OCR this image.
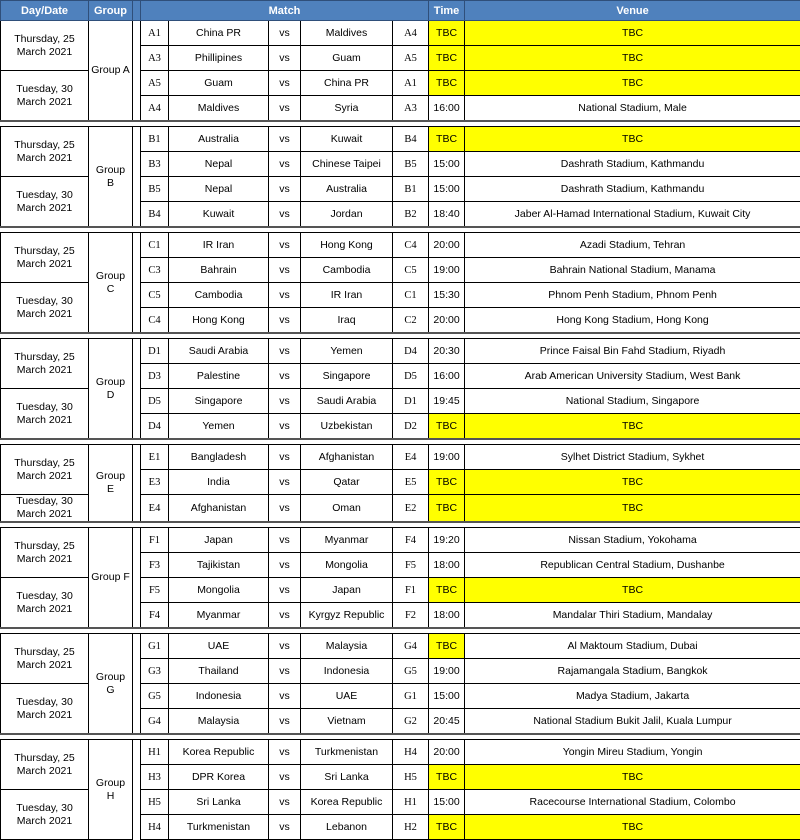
Day/Date	Group		Match					Time	Venue
Thursday, 25 March 2021	Group A		A1	China PR	vs	Maldives	A4	TBC	TBC
			A3	Phillipines	vs	Guam	A5	TBC	TBC
Tuesday, 30 March 2021			A5	Guam	vs	China PR	A1	TBC	TBC
			A4	Maldives	vs	Syria	A3	16:00	National Stadium, Male

Thursday, 25 March 2021	Group B		B1	Australia	vs	Kuwait	B4	TBC	TBC
			B3	Nepal	vs	Chinese Taipei	B5	15:00	Dashrath Stadium, Kathmandu
Tuesday, 30 March 2021			B5	Nepal	vs	Australia	B1	15:00	Dashrath Stadium, Kathmandu
			B4	Kuwait	vs	Jordan	B2	18:40	Jaber Al-Hamad International Stadium, Kuwait City

Thursday, 25 March 2021	Group C		C1	IR Iran	vs	Hong Kong	C4	20:00	Azadi Stadium, Tehran
			C3	Bahrain	vs	Cambodia	C5	19:00	Bahrain National Stadium, Manama
Tuesday, 30 March 2021			C5	Cambodia	vs	IR Iran	C1	15:30	Phnom Penh Stadium, Phnom Penh
			C4	Hong Kong	vs	Iraq	C2	20:00	Hong Kong Stadium, Hong Kong

Thursday, 25 March 2021	Group D		D1	Saudi Arabia	vs	Yemen	D4	20:30	Prince Faisal Bin Fahd Stadium, Riyadh
			D3	Palestine	vs	Singapore	D5	16:00	Arab American University Stadium, West Bank
Tuesday, 30 March 2021			D5	Singapore	vs	Saudi Arabia	D1	19:45	National Stadium, Singapore
			D4	Yemen	vs	Uzbekistan	D2	TBC	TBC

Thursday, 25 March 2021	Group E		E1	Bangladesh	vs	Afghanistan	E4	19:00	Sylhet District Stadium, Sykhet
			E3	India	vs	Qatar	E5	TBC	TBC
Tuesday, 30 March 2021			E4	Afghanistan	vs	Oman	E2	TBC	TBC

Thursday, 25 March 2021	Group F		F1	Japan	vs	Myanmar	F4	19:20	Nissan Stadium, Yokohama
			F3	Tajikistan	vs	Mongolia	F5	18:00	Republican Central Stadium, Dushanbe
Tuesday, 30 March 2021			F5	Mongolia	vs	Japan	F1	TBC	TBC
			F4	Myanmar	vs	Kyrgyz Republic	F2	18:00	Mandalar Thiri Stadium, Mandalay

Thursday, 25 March 2021	Group G		G1	UAE	vs	Malaysia	G4	TBC	Al Maktoum Stadium, Dubai
			G3	Thailand	vs	Indonesia	G5	19:00	Rajamangala Stadium, Bangkok
Tuesday, 30 March 2021			G5	Indonesia	vs	UAE	G1	15:00	Madya Stadium, Jakarta
			G4	Malaysia	vs	Vietnam	G2	20:45	National Stadium Bukit Jalil, Kuala Lumpur

Thursday, 25 March 2021	Group H		H1	Korea Republic	vs	Turkmenistan	H4	20:00	Yongin Mireu Stadium, Yongin
			H3	DPR Korea	vs	Sri Lanka	H5	TBC	TBC
Tuesday, 30 March 2021			H5	Sri Lanka	vs	Korea Republic	H1	15:00	Racecourse International Stadium, Colombo
			H4	Turkmenistan	vs	Lebanon	H2	TBC	TBC
